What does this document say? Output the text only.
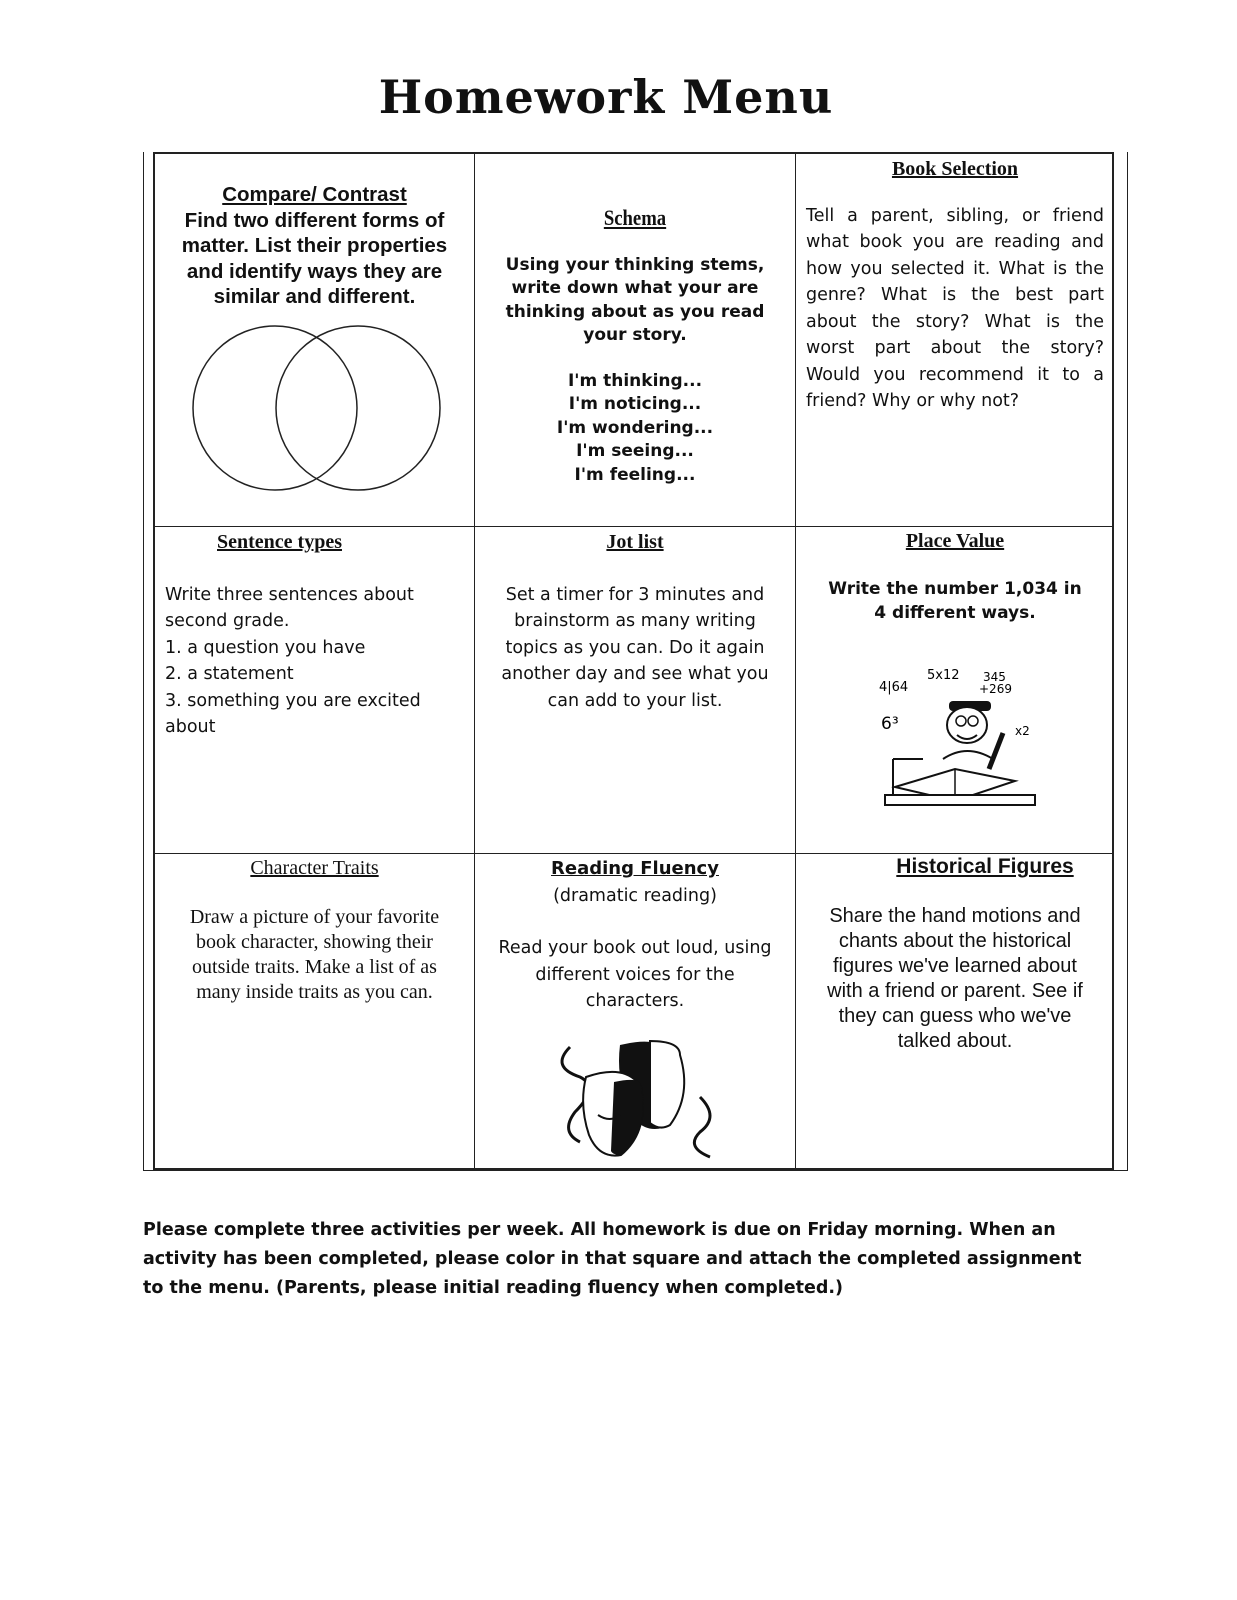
Homework Menu
Compare/ Contrast
Find two different forms of matter. List their properties and identify ways they are similar and different.
Schema
Using your thinking stems, write down what your are thinking about as you read your story.
I'm thinking...
I'm noticing...
I'm wondering...
I'm seeing...
I'm feeling...
Book Selection
Tell a parent, sibling, or friend what book you are reading and how you selected it. What is the genre? What is the best part about the story? What is the worst part about the story? Would you recommend it to a friend? Why or why not?
Sentence types
Write three sentences about second grade.
1. a question you have
2. a statement
3. something you are excited about
Jot list
Set a timer for 3 minutes and brainstorm as many writing topics as you can. Do it again another day and see what you can add to your list.
Place Value
Write the number 1,034 in 4 different ways.
4|64
5x12 345
+269
6³	x2
Character Traits
Draw a picture of your favorite book character, showing their outside traits. Make a list of as many inside traits as you can.
Reading Fluency
(dramatic reading)
Read your book out loud, using different voices for the characters.
Historical Figures
Share the hand motions and chants about the historical figures we've learned about with a friend or parent. See if they can guess who we've talked about.
Please complete three activities per week. All homework is due on Friday morning. When an activity has been completed, please color in that square and attach the completed assignment to the menu. (Parents, please initial reading fluency when completed.)
